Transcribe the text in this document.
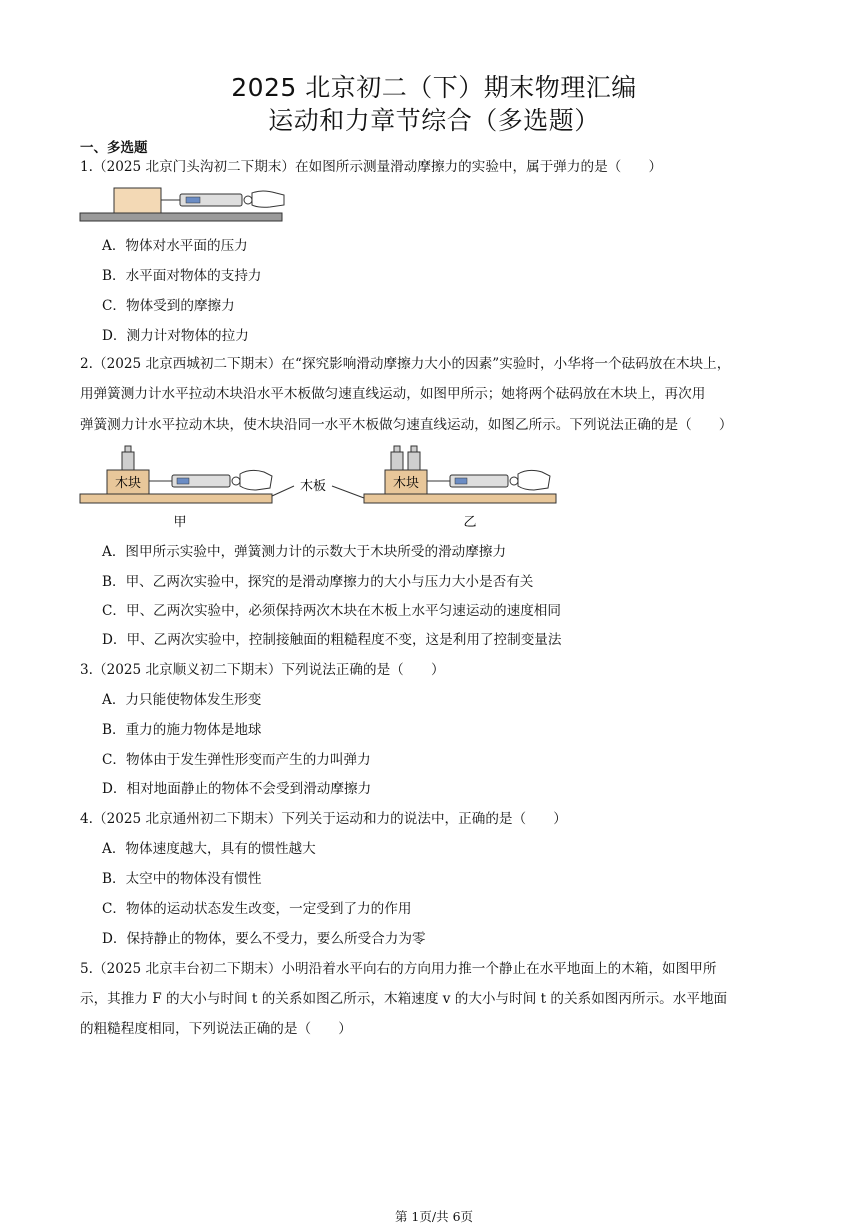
2025 北京初二（下）期末物理汇编
运动和力章节综合（多选题）
一、多选题
1.（2025 北京门头沟初二下期末）在如图所示测量滑动摩擦力的实验中，属于弹力的是（　　）
A．物体对水平面的压力
B．水平面对物体的支持力
C．物体受到的摩擦力
D．测力计对物体的拉力
2.（2025 北京西城初二下期末）在“探究影响滑动摩擦力大小的因素”实验时，小华将一个砝码放在木块上，
用弹簧测力计水平拉动木块沿水平木板做匀速直线运动，如图甲所示；她将两个砝码放在木块上，再次用
弹簧测力计水平拉动木块，使木块沿同一水平木板做匀速直线运动，如图乙所示。下列说法正确的是（　　）
木块
甲
木板	木块
乙
A．图甲所示实验中，弹簧测力计的示数大于木块所受的滑动摩擦力
B．甲、乙两次实验中，探究的是滑动摩擦力的大小与压力大小是否有关
C．甲、乙两次实验中，必须保持两次木块在木板上水平匀速运动的速度相同
D．甲、乙两次实验中，控制接触面的粗糙程度不变，这是利用了控制变量法
3.（2025 北京顺义初二下期末）下列说法正确的是（　　）
A．力只能使物体发生形变
B．重力的施力物体是地球
C．物体由于发生弹性形变而产生的力叫弹力
D．相对地面静止的物体不会受到滑动摩擦力
4.（2025 北京通州初二下期末）下列关于运动和力的说法中，正确的是（　　）
A．物体速度越大，具有的惯性越大
B．太空中的物体没有惯性
C．物体的运动状态发生改变，一定受到了力的作用
D．保持静止的物体，要么不受力，要么所受合力为零
5.（2025 北京丰台初二下期末）小明沿着水平向右的方向用力推一个静止在水平地面上的木箱，如图甲所
示，其推力 F 的大小与时间 t 的关系如图乙所示，木箱速度 v 的大小与时间 t 的关系如图丙所示。水平地面
的粗糙程度相同，下列说法正确的是（　　）
第 1页/共 6页
